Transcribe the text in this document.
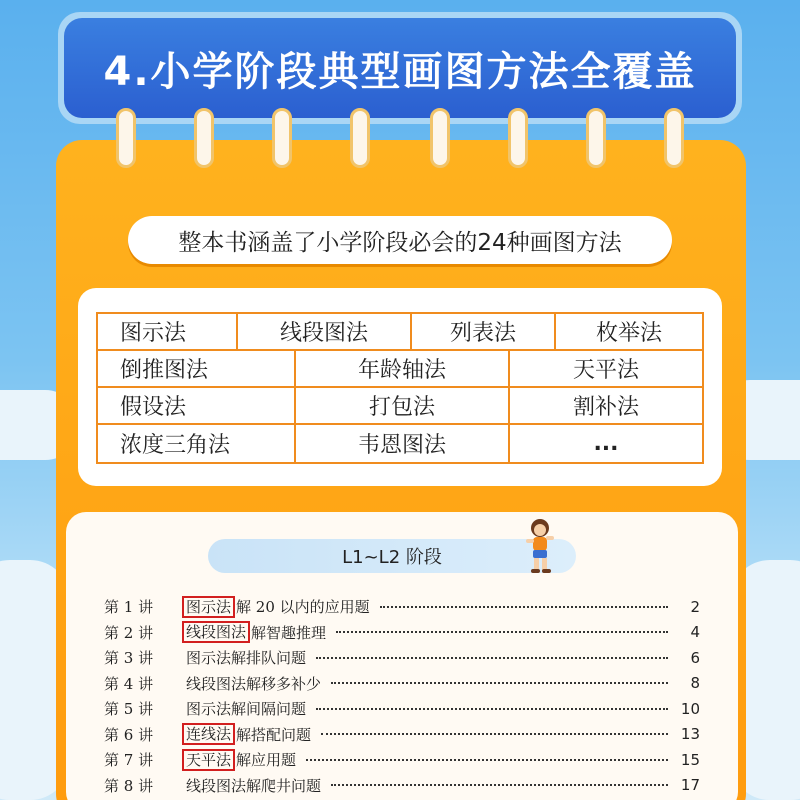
4.小学阶段典型画图方法全覆盖
整本书涵盖了小学阶段必会的24种画图方法
图示法	线段图法	列表法	枚举法
倒推图法	年龄轴法	天平法
假设法	打包法	割补法
浓度三角法	韦恩图法	...
L1~L2 阶段
第 1 讲	图示法 解 20 以内的应用题	2
第 2 讲	线段图法 解智趣推理	4
第 3 讲	图示法解排队问题	6
第 4 讲	线段图法解移多补少	8
第 5 讲	图示法解间隔问题	10
第 6 讲	连线法 解搭配问题	13
第 7 讲	天平法 解应用题	15
第 8 讲	线段图法解爬井问题	17
